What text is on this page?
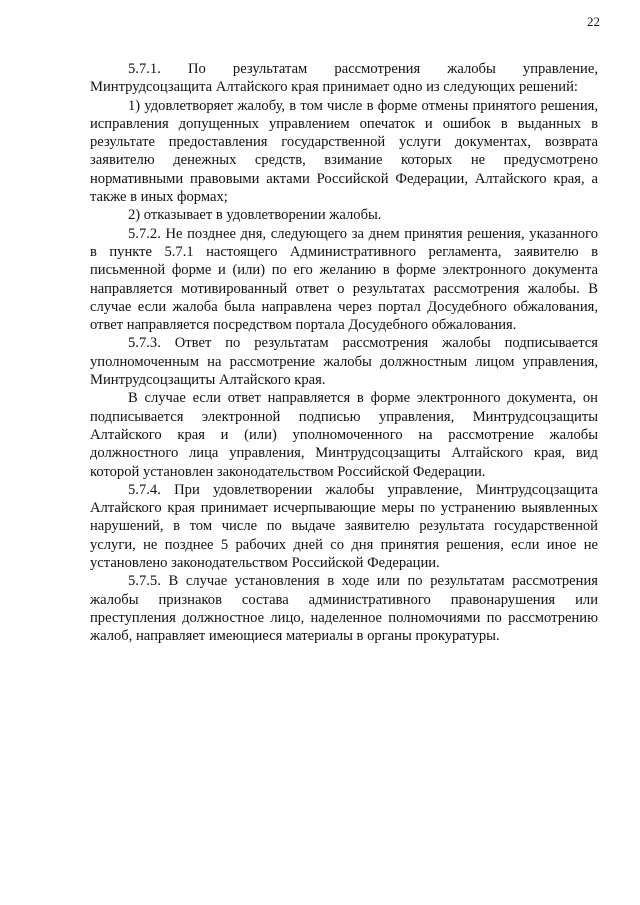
22

5.7.1. По результатам рассмотрения жалобы управление, Минтрудсоцзащита Алтайского края принимает одно из следующих решений:

1) удовлетворяет жалобу, в том числе в форме отмены принятого решения, исправления допущенных управлением опечаток и ошибок в выданных в результате предоставления государственной услуги документах, возврата заявителю денежных средств, взимание которых не предусмотрено нормативными правовыми актами Российской Федерации, Алтайского края, а также в иных формах;

2) отказывает в удовлетворении жалобы.

5.7.2. Не позднее дня, следующего за днем принятия решения, указанного в пункте 5.7.1 настоящего Административного регламента, заявителю в письменной форме и (или) по его желанию в форме электронного документа направляется мотивированный ответ о результатах рассмотрения жалобы. В случае если жалоба была направлена через портал Досудебного обжалования, ответ направляется посредством портала Досудебного обжалования.

5.7.3. Ответ по результатам рассмотрения жалобы подписывается уполномоченным на рассмотрение жалобы должностным лицом управления, Минтрудсоцзащиты Алтайского края.

В случае если ответ направляется в форме электронного документа, он подписывается электронной подписью управления, Минтрудсоцзащиты Алтайского края и (или) уполномоченного на рассмотрение жалобы должностного лица управления, Минтрудсоцзащиты Алтайского края, вид которой установлен законодательством Российской Федерации.

5.7.4. При удовлетворении жалобы управление, Минтрудсоцзащита Алтайского края принимает исчерпывающие меры по устранению выявленных нарушений, в том числе по выдаче заявителю результата государственной услуги, не позднее 5 рабочих дней со дня принятия решения, если иное не установлено законодательством Российской Федерации.

5.7.5. В случае установления в ходе или по результатам рассмотрения жалобы признаков состава административного правонарушения или преступления должностное лицо, наделенное полномочиями по рассмотрению жалоб, направляет имеющиеся материалы в органы прокуратуры.
